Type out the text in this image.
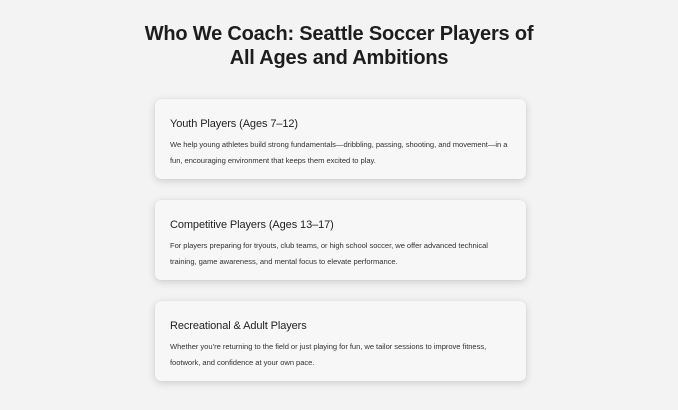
Who We Coach: Seattle Soccer Players of
All Ages and Ambitions
Youth Players (Ages 7–12)

We help young athletes build strong fundamentals—dribbling, passing, shooting, and movement—in a fun, encouraging environment that keeps them excited to play.

Competitive Players (Ages 13–17)

For players preparing for tryouts, club teams, or high school soccer, we offer advanced technical training, game awareness, and mental focus to elevate performance.

Recreational & Adult Players

Whether you’re returning to the field or just playing for fun, we tailor sessions to improve fitness, footwork, and confidence at your own pace.
